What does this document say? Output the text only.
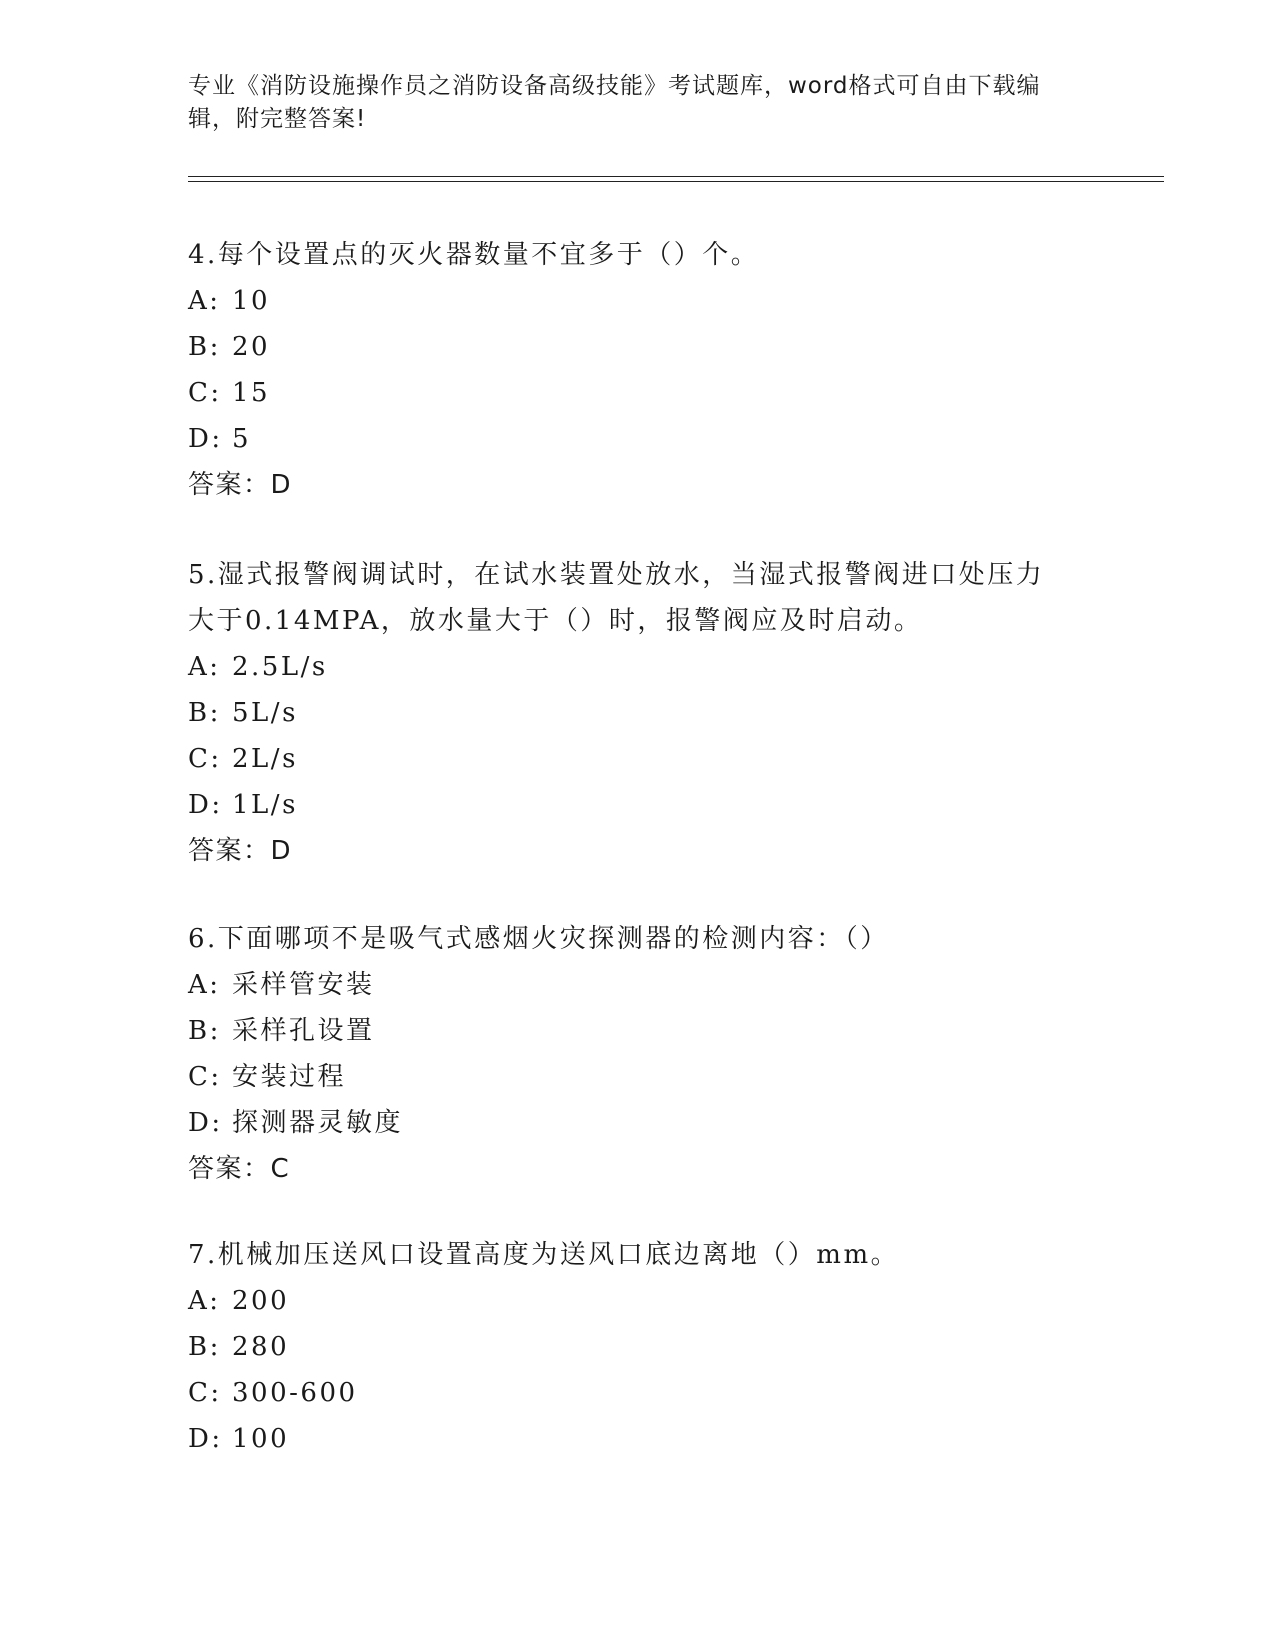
专业《消防设施操作员之消防设备高级技能》考试题库，word格式可自由下载编辑，附完整答案!

4.每个设置点的灭火器数量不宜多于（）个。

A: 10
B: 20
C: 15
D: 5
答案：D

5.湿式报警阀调试时，在试水装置处放水，当湿式报警阀进口处压力大于0.14MPA，放水量大于（）时，报警阀应及时启动。

A: 2.5L/s
B: 5L/s
C: 2L/s
D: 1L/s
答案：D

6.下面哪项不是吸气式感烟火灾探测器的检测内容：（）

A: 采样管安装
B: 采样孔设置
C: 安装过程
D: 探测器灵敏度
答案：C

7.机械加压送风口设置高度为送风口底边离地（）mm。

A: 200
B: 280
C: 300-600
D: 100
